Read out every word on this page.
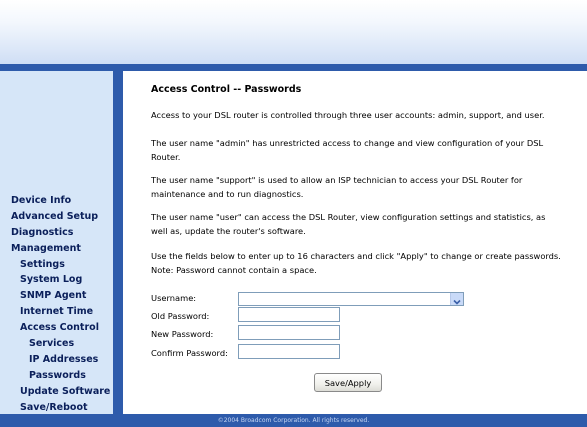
Device Info
Advanced Setup
Diagnostics
Management
Settings
System Log
SNMP Agent
Internet Time
Access Control
Services
IP Addresses
Passwords
Update Software
Save/Reboot
Access Control -- Passwords
Access to your DSL router is controlled through three user accounts: admin, support, and user.
The user name "admin" has unrestricted access to change and view configuration of your DSL Router.
The user name "support" is used to allow an ISP technician to access your DSL Router for maintenance and to run diagnostics.
The user name "user" can access the DSL Router, view configuration settings and statistics, as well as, update the router's software.
Use the fields below to enter up to 16 characters and click "Apply" to change or create passwords. Note: Password cannot contain a space.
Username:
Old Password:
New Password:
Confirm Password:
Save/Apply
©2004 Broadcom Corporation. All rights reserved.
